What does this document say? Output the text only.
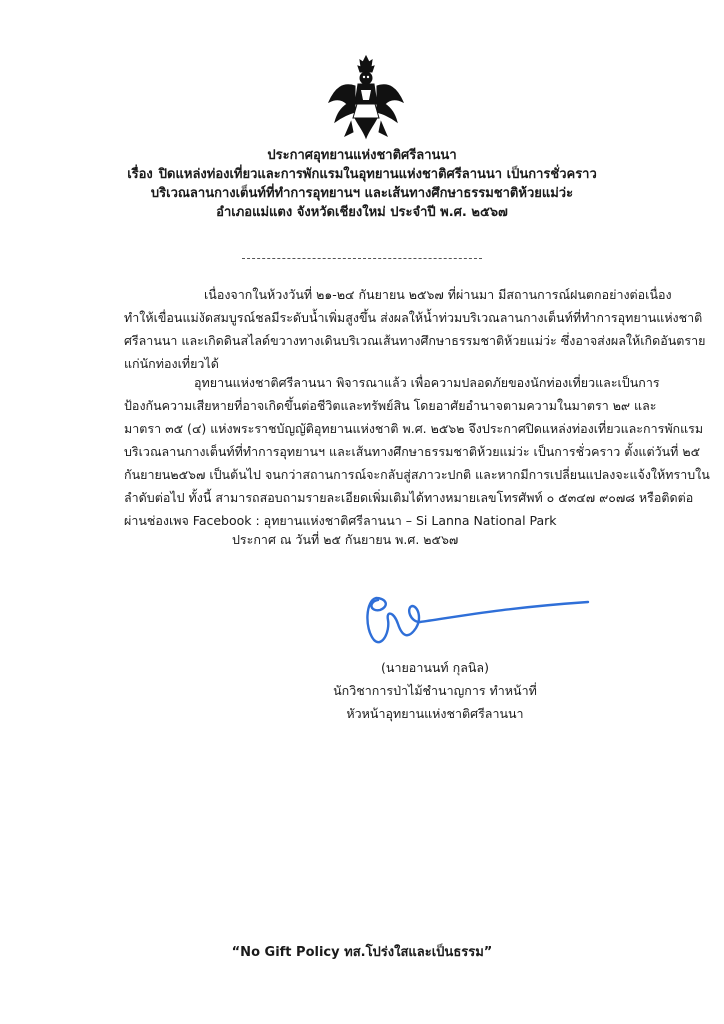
ประกาศอุทยานแห่งชาติศรีลานนา
เรื่อง ปิดแหล่งท่องเที่ยวและการพักแรมในอุทยานแห่งชาติศรีลานนา เป็นการชั่วคราว
บริเวณลานกางเต็นท์ที่ทำการอุทยานฯ และเส้นทางศึกษาธรรมชาติห้วยแม่ว่ะ
อำเภอแม่แตง จังหวัดเชียงใหม่ ประจำปี พ.ศ. ๒๕๖๗
เนื่องจากในห้วงวันที่ ๒๑-๒๔ กันยายน ๒๕๖๗ ที่ผ่านมา มีสถานการณ์ฝนตกอย่างต่อเนื่อง
ทำให้เขื่อนแม่งัดสมบูรณ์ชลมีระดับน้ำเพิ่มสูงขึ้น ส่งผลให้น้ำท่วมบริเวณลานกางเต็นท์ที่ทำการอุทยานแห่งชาติ
ศรีลานนา และเกิดดินสไลด์ขวางทางเดินบริเวณเส้นทางศึกษาธรรมชาติห้วยแม่ว่ะ ซึ่งอาจส่งผลให้เกิดอันตราย
แก่นักท่องเที่ยวได้
อุทยานแห่งชาติศรีลานนา พิจารณาแล้ว เพื่อความปลอดภัยของนักท่องเที่ยวและเป็นการ
ป้องกันความเสียหายที่อาจเกิดขึ้นต่อชีวิตและทรัพย์สิน โดยอาศัยอำนาจตามความในมาตรา ๒๙ และ
มาตรา ๓๕ (๔) แห่งพระราชบัญญัติอุทยานแห่งชาติ พ.ศ. ๒๕๖๒ จึงประกาศปิดแหล่งท่องเที่ยวและการพักแรม
บริเวณลานกางเต็นท์ที่ทำการอุทยานฯ และเส้นทางศึกษาธรรมชาติห้วยแม่ว่ะ เป็นการชั่วคราว ตั้งแต่วันที่ ๒๕
กันยายน๒๕๖๗ เป็นต้นไป จนกว่าสถานการณ์จะกลับสู่สภาวะปกติ และหากมีการเปลี่ยนแปลงจะแจ้งให้ทราบใน
ลำดับต่อไป ทั้งนี้ สามารถสอบถามรายละเอียดเพิ่มเติมได้ทางหมายเลขโทรศัพท์ ๐ ๕๓๔๗ ๙๐๗๘ หรือติดต่อ
ผ่านช่องเพจ Facebook : อุทยานแห่งชาติศรีลานนา – Si Lanna National Park
ประกาศ ณ วันที่ ๒๕ กันยายน พ.ศ. ๒๕๖๗
(นายอานนท์ กุลนิล)
นักวิชาการป่าไม้ชำนาญการ ทำหน้าที่
หัวหน้าอุทยานแห่งชาติศรีลานนา
“No Gift Policy ทส.โปร่งใสและเป็นธรรม”
